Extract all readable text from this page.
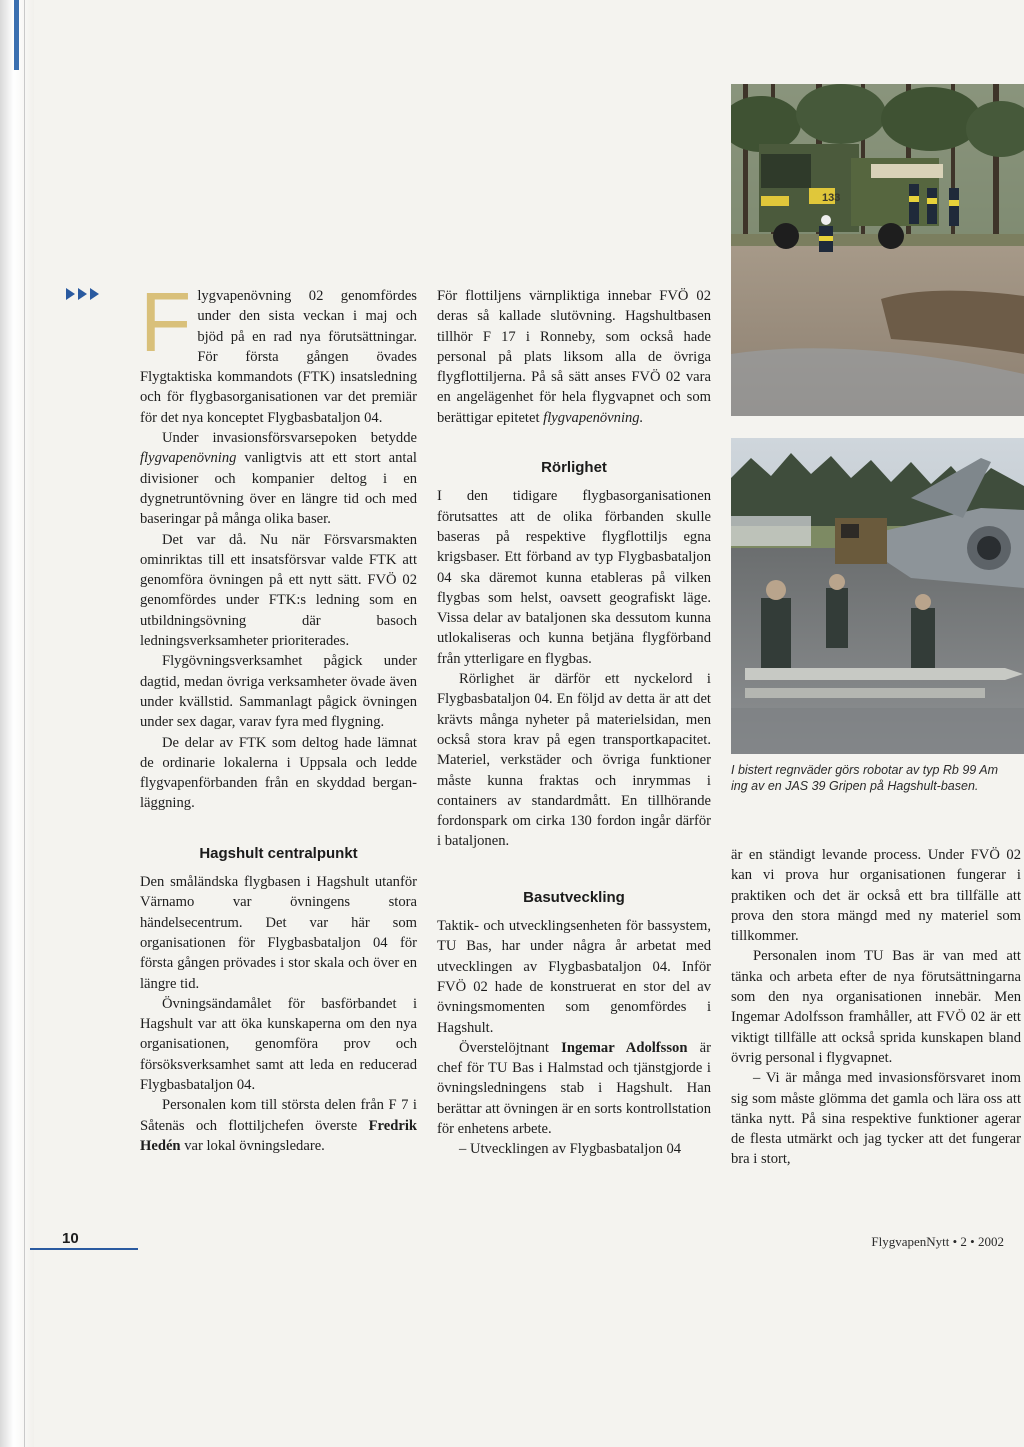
Flygvapenövning 02 genomfördes under den sista veckan i maj och bjöd på en rad nya förutsättningar. För första gången övades Flygtaktiska kommandots (FTK) insatsledning och för flygbasorganisationen var det premiär för det nya konceptet Flygbasbataljon 04.

Under invasionsförsvarsepoken betydde flygvapenövning vanligtvis att ett stort antal divisioner och kompanier deltog i en dygnetruntövning över en längre tid och med baseringar på många olika baser.

Det var då. Nu när Försvarsmakten ominriktas till ett insatsförsvar valde FTK att genomföra övningen på ett nytt sätt. FVÖ 02 genomfördes under FTK:s ledning som en utbildningsövning där basoch ledningsverksamheter prioriterades.

Flygövningsverksamhet pågick under dagtid, medan övriga verksamheter övade även under kvällstid. Sammanlagt pågick övningen under sex dagar, varav fyra med flygning.

De delar av FTK som deltog hade lämnat de ordinarie lokalerna i Uppsala och ledde flygvapenförbanden från en skyddad berganläggning.

Hagshult centralpunkt

Den småländska flygbasen i Hagshult utanför Värnamo var övningens stora händelsecentrum. Det var här som organisationen för Flygbasbataljon 04 för första gången prövades i stor skala och över en längre tid.

Övningsändamålet för basförbandet i Hagshult var att öka kunskaperna om den nya organisationen, genomföra prov och försöksverksamhet samt att leda en reducerad Flygbasbataljon 04.

Personalen kom till största delen från F 7 i Såtenäs och flottiljchefen överste Fredrik Hedén var lokal övningsledare.

För flottiljens värnpliktiga innebar FVÖ 02 deras så kallade slutövning. Hagshultbasen tillhör F 17 i Ronneby, som också hade personal på plats liksom alla de övriga flygflottiljerna. På så sätt anses FVÖ 02 vara en angelägenhet för hela flygvapnet och som berättigar epitetet flygvapenövning.

Rörlighet

I den tidigare flygbasorganisationen förutsattes att de olika förbanden skulle baseras på respektive flygflottiljs egna krigsbaser. Ett förband av typ Flygbasbataljon 04 ska däremot kunna etableras på vilken flygbas som helst, oavsett geografiskt läge. Vissa delar av bataljonen ska dessutom kunna utlokaliseras och kunna betjäna flygförband från ytterligare en flygbas.

Rörlighet är därför ett nyckelord i Flygbasbataljon 04. En följd av detta är att det krävts många nyheter på materielsidan, men också stora krav på egen transportkapacitet. Materiel, verkstäder och övriga funktioner måste kunna fraktas och inrymmas i containers av standardmått. En tillhörande fordonspark om cirka 130 fordon ingår därför i bataljonen.

Basutveckling

Taktik- och utvecklingsenheten för bassystem, TU Bas, har under några år arbetat med utvecklingen av Flygbasbataljon 04. Inför FVÖ 02 hade de konstruerat en stor del av övningsmomenten som genomfördes i Hagshult.

Överstelöjtnant Ingemar Adolfsson är chef för TU Bas i Halmstad och tjänstgjorde i övningsledningens stab i Hagshult. Han berättar att övningen är en sorts kontrollstation för enhetens arbete.

– Utvecklingen av Flygbasbataljon 04

133
I bistert regnväder görs robotar av typ Rb 99 Am
ing av en JAS 39 Gripen på Hagshult-basen.

är en ständigt levande process. Under FVÖ 02 kan vi prova hur organisationen fungerar i praktiken och det är också ett bra tillfälle att prova den stora mängd med ny materiel som tillkommer.

Personalen inom TU Bas är van med att tänka och arbeta efter de nya förutsättningarna som den nya organisationen innebär. Men Ingemar Adolfsson framhåller, att FVÖ 02 är ett viktigt tillfälle att också sprida kunskapen bland övrig personal i flygvapnet.

– Vi är många med invasionsförsvaret inom sig som måste glömma det gamla och lära oss att tänka nytt. På sina respektive funktioner agerar de flesta utmärkt och jag tycker att det fungerar bra i stort,

10	FlygvapenNytt • 2 • 2002
